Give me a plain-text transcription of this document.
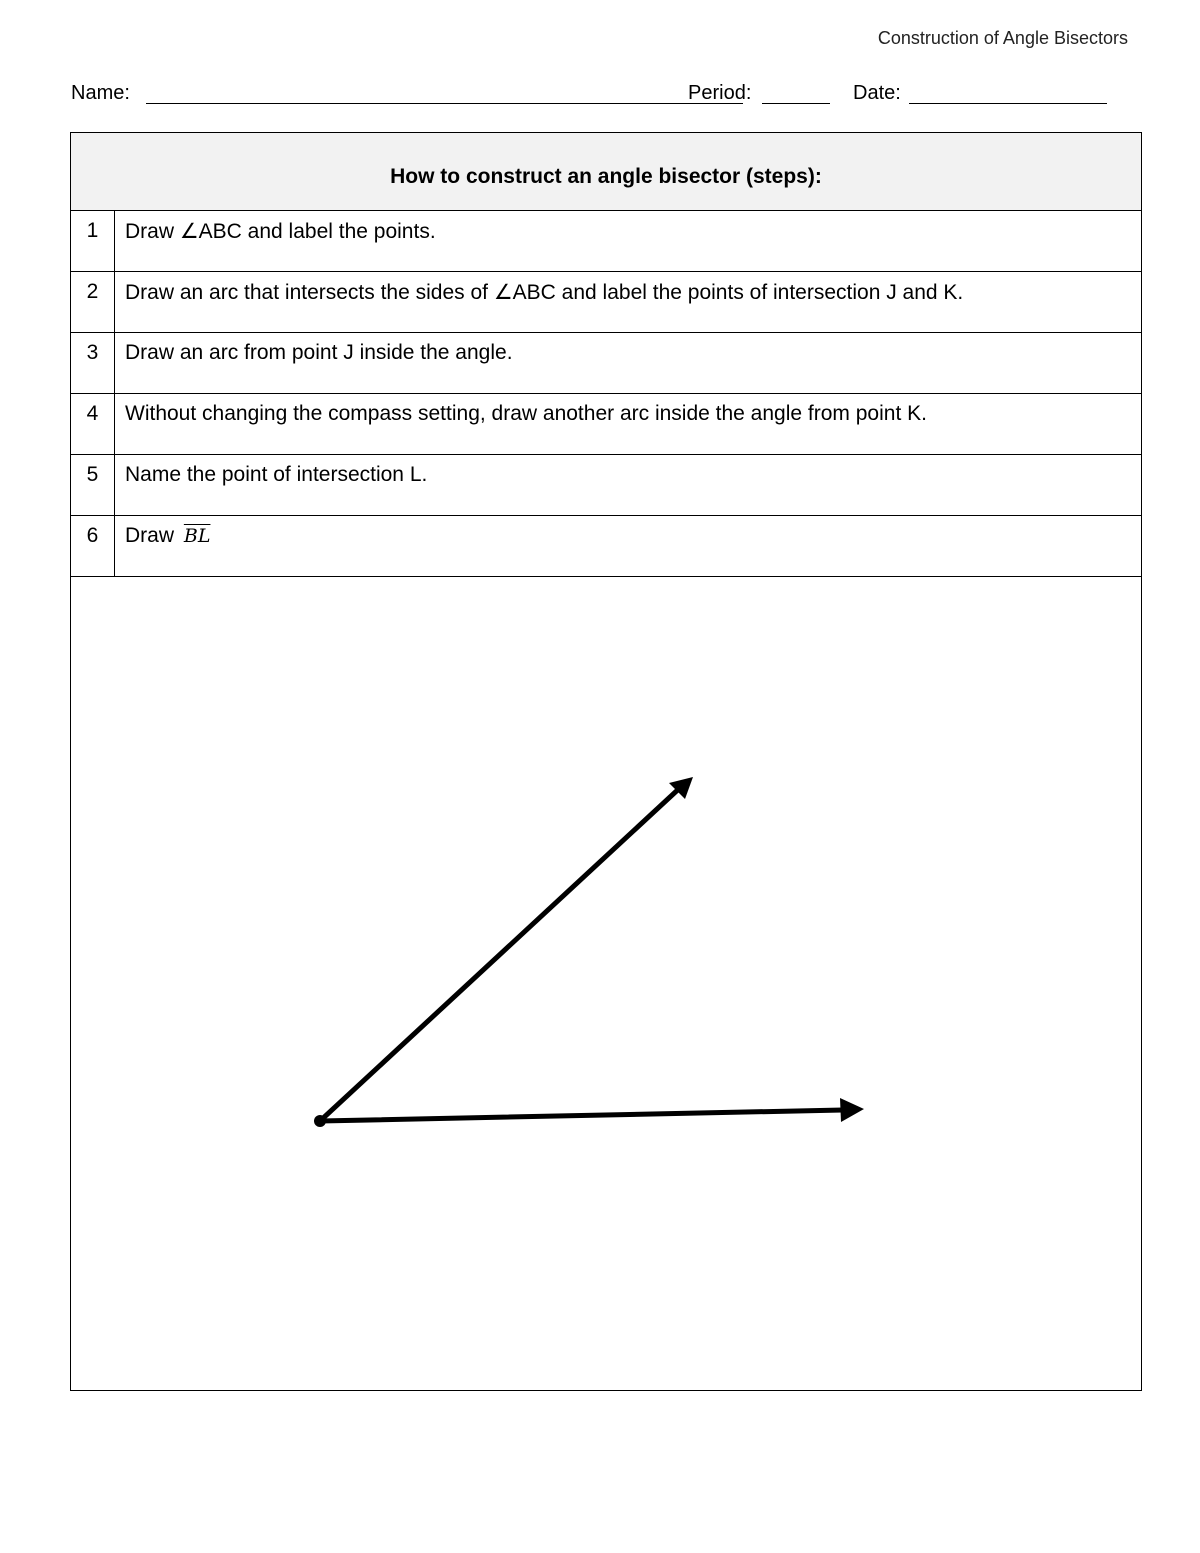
Construction of Angle Bisectors
Name:	Period:	Date:
How to construct an angle bisector (steps):
1	Draw ∠ABC and label the points.
2	Draw an arc that intersects the sides of ∠ABC and label the points of intersection J and K.
3	Draw an arc from point J inside the angle.
4	Without changing the compass setting, draw another arc inside the angle from point K.
5	Name the point of intersection L.
6	Draw $\overline{BL}$
